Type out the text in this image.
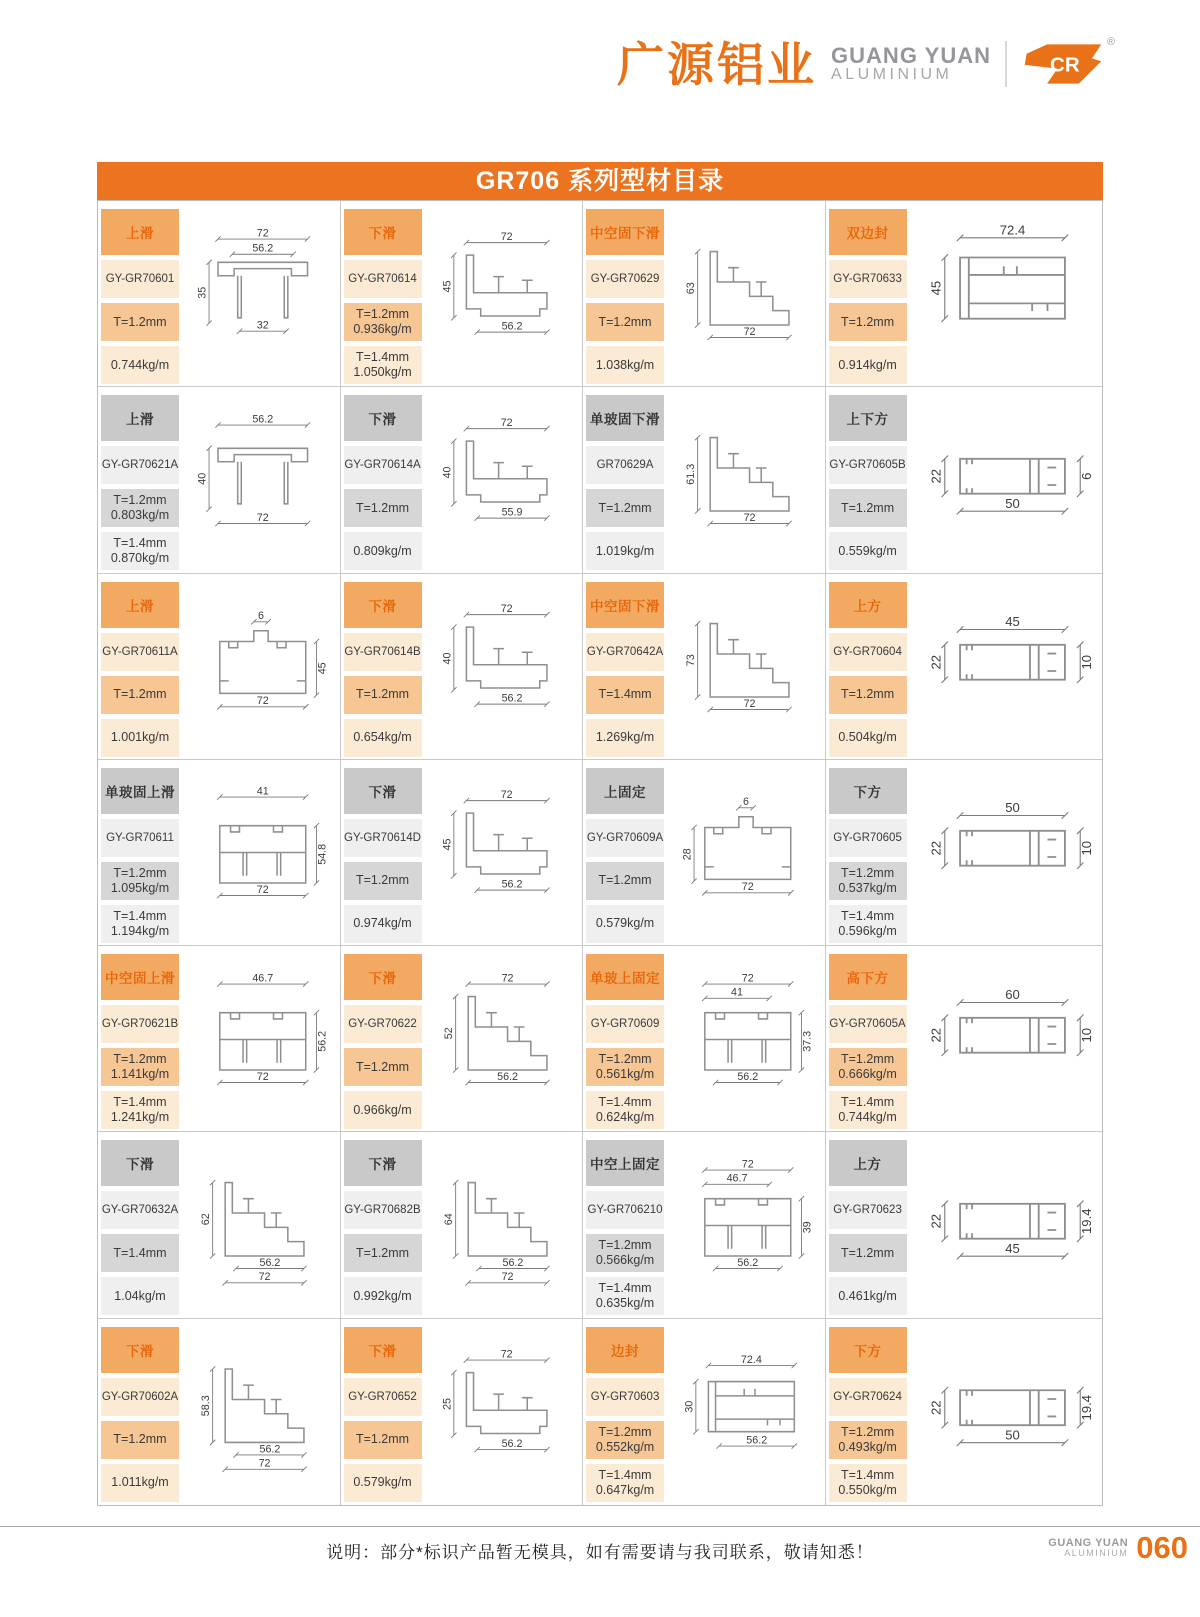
广源铝业 GUANG YUAN
ALUMINIUM	CR
®
GR706 系列型材目录
上滑
GY-GR70601
T=1.2mm
0.744kg/m
72
56.2
35
32
下滑
GY-GR70614
T=1.2mm
0.936kg/m
T=1.4mm
1.050kg/m
72
45
56.2
中空固下滑
GY-GR70629
T=1.2mm
1.038kg/m
63
72
双边封
GY-GR70633
T=1.2mm
0.914kg/m
72.4
45
上滑
GY-GR70621A
T=1.2mm
0.803kg/m
T=1.4mm
0.870kg/m
56.2
40
72
下滑
GY-GR70614A
T=1.2mm
0.809kg/m
72
40
55.9
单玻固下滑
GR70629A
T=1.2mm
1.019kg/m
61.3
72
上下方
GY-GR70605B
T=1.2mm
0.559kg/m
22
50
6
上滑
GY-GR70611A
T=1.2mm
1.001kg/m
6
45
72
下滑
GY-GR70614B
T=1.2mm
0.654kg/m
72
40
56.2
中空固下滑
GY-GR70642A
T=1.4mm
1.269kg/m
73
72
上方
GY-GR70604
T=1.2mm
0.504kg/m
45
22	10
单玻固上滑
GY-GR70611
T=1.2mm
1.095kg/m
T=1.4mm
1.194kg/m
41
54.8
72
下滑
GY-GR70614D
T=1.2mm
0.974kg/m
72
45
56.2
上固定
GY-GR70609A
T=1.2mm
0.579kg/m
6
28
72
下方
GY-GR70605
T=1.2mm
0.537kg/m
T=1.4mm
0.596kg/m
50
22	10
中空固上滑
GY-GR70621B
T=1.2mm
1.141kg/m
T=1.4mm
1.241kg/m
46.7
56.2
72
下滑
GY-GR70622
T=1.2mm
0.966kg/m
72
52
56.2
单玻上固定
GY-GR70609
T=1.2mm
0.561kg/m
T=1.4mm
0.624kg/m
72
41
37.3
56.2
高下方
GY-GR70605A
T=1.2mm
0.666kg/m
T=1.4mm
0.744kg/m
60
22	10
下滑
GY-GR70632A
T=1.4mm
1.04kg/m
62
56.2
72
下滑
GY-GR70682B
T=1.2mm
0.992kg/m
64
56.2
72
中空上固定
GY-GR706210
T=1.2mm
0.566kg/m
T=1.4mm
0.635kg/m
72
46.7
39
56.2
上方
GY-GR70623
T=1.2mm
0.461kg/m
22	19.4
45
下滑
GY-GR70602A
T=1.2mm
1.011kg/m
58.3
56.2
72
下滑
GY-GR70652
T=1.2mm
0.579kg/m
72
25
56.2
边封
GY-GR70603
T=1.2mm
0.552kg/m
T=1.4mm
0.647kg/m
72.4
30
56.2
下方
GY-GR70624
T=1.2mm
0.493kg/m
T=1.4mm
0.550kg/m
22	19.4
50
说明：部分*标识产品暂无模具，如有需要请与我司联系，敬请知悉！
GUANG YUAN
ALUMINIUM 060
